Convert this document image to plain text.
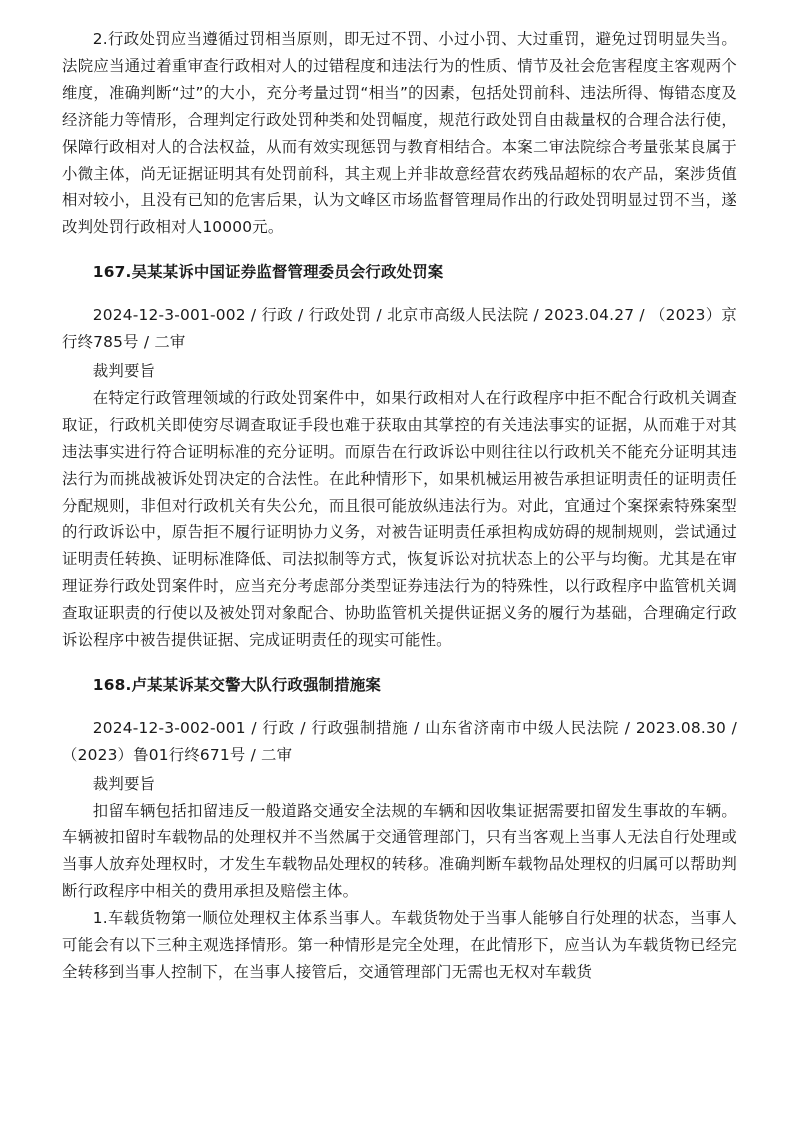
2.行政处罚应当遵循过罚相当原则，即无过不罚、小过小罚、大过重罚，避免过罚明显失当。法院应当通过着重审查行政相对人的过错程度和违法行为的性质、情节及社会危害程度主客观两个维度，准确判断“过”的大小，充分考量过罚“相当”的因素，包括处罚前科、违法所得、悔错态度及经济能力等情形，合理判定行政处罚种类和处罚幅度，规范行政处罚自由裁量权的合理合法行使，保障行政相对人的合法权益，从而有效实现惩罚与教育相结合。本案二审法院综合考量张某良属于小微主体，尚无证据证明其有处罚前科，其主观上并非故意经营农药残品超标的农产品，案涉货值相对较小，且没有已知的危害后果，认为文峰区市场监督管理局作出的行政处罚明显过罚不当，遂改判处罚行政相对人10000元。

167.吴某某诉中国证券监督管理委员会行政处罚案

2024-12-3-001-002 / 行政 / 行政处罚 / 北京市高级人民法院 / 2023.04.27 / （2023）京行终785号 / 二审

裁判要旨

在特定行政管理领域的行政处罚案件中，如果行政相对人在行政程序中拒不配合行政机关调查取证，行政机关即使穷尽调查取证手段也难于获取由其掌控的有关违法事实的证据，从而难于对其违法事实进行符合证明标准的充分证明。而原告在行政诉讼中则往往以行政机关不能充分证明其违法行为而挑战被诉处罚决定的合法性。在此种情形下，如果机械运用被告承担证明责任的证明责任分配规则，非但对行政机关有失公允，而且很可能放纵违法行为。对此，宜通过个案探索特殊案型的行政诉讼中，原告拒不履行证明协力义务，对被告证明责任承担构成妨碍的规制规则，尝试通过证明责任转换、证明标准降低、司法拟制等方式，恢复诉讼对抗状态上的公平与均衡。尤其是在审理证券行政处罚案件时，应当充分考虑部分类型证券违法行为的特殊性，以行政程序中监管机关调查取证职责的行使以及被处罚对象配合、协助监管机关提供证据义务的履行为基础，合理确定行政诉讼程序中被告提供证据、完成证明责任的现实可能性。

168.卢某某诉某交警大队行政强制措施案

2024-12-3-002-001 / 行政 / 行政强制措施 / 山东省济南市中级人民法院 / 2023.08.30 / （2023）鲁01行终671号 / 二审

裁判要旨

扣留车辆包括扣留违反一般道路交通安全法规的车辆和因收集证据需要扣留发生事故的车辆。车辆被扣留时车载物品的处理权并不当然属于交通管理部门，只有当客观上当事人无法自行处理或当事人放弃处理权时，才发生车载物品处理权的转移。准确判断车载物品处理权的归属可以帮助判断行政程序中相关的费用承担及赔偿主体。

1.车载货物第一顺位处理权主体系当事人。车载货物处于当事人能够自行处理的状态，当事人可能会有以下三种主观选择情形。第一种情形是完全处理，在此情形下，应当认为车载货物已经完全转移到当事人控制下，在当事人接管后，交通管理部门无需也无权对车载货
